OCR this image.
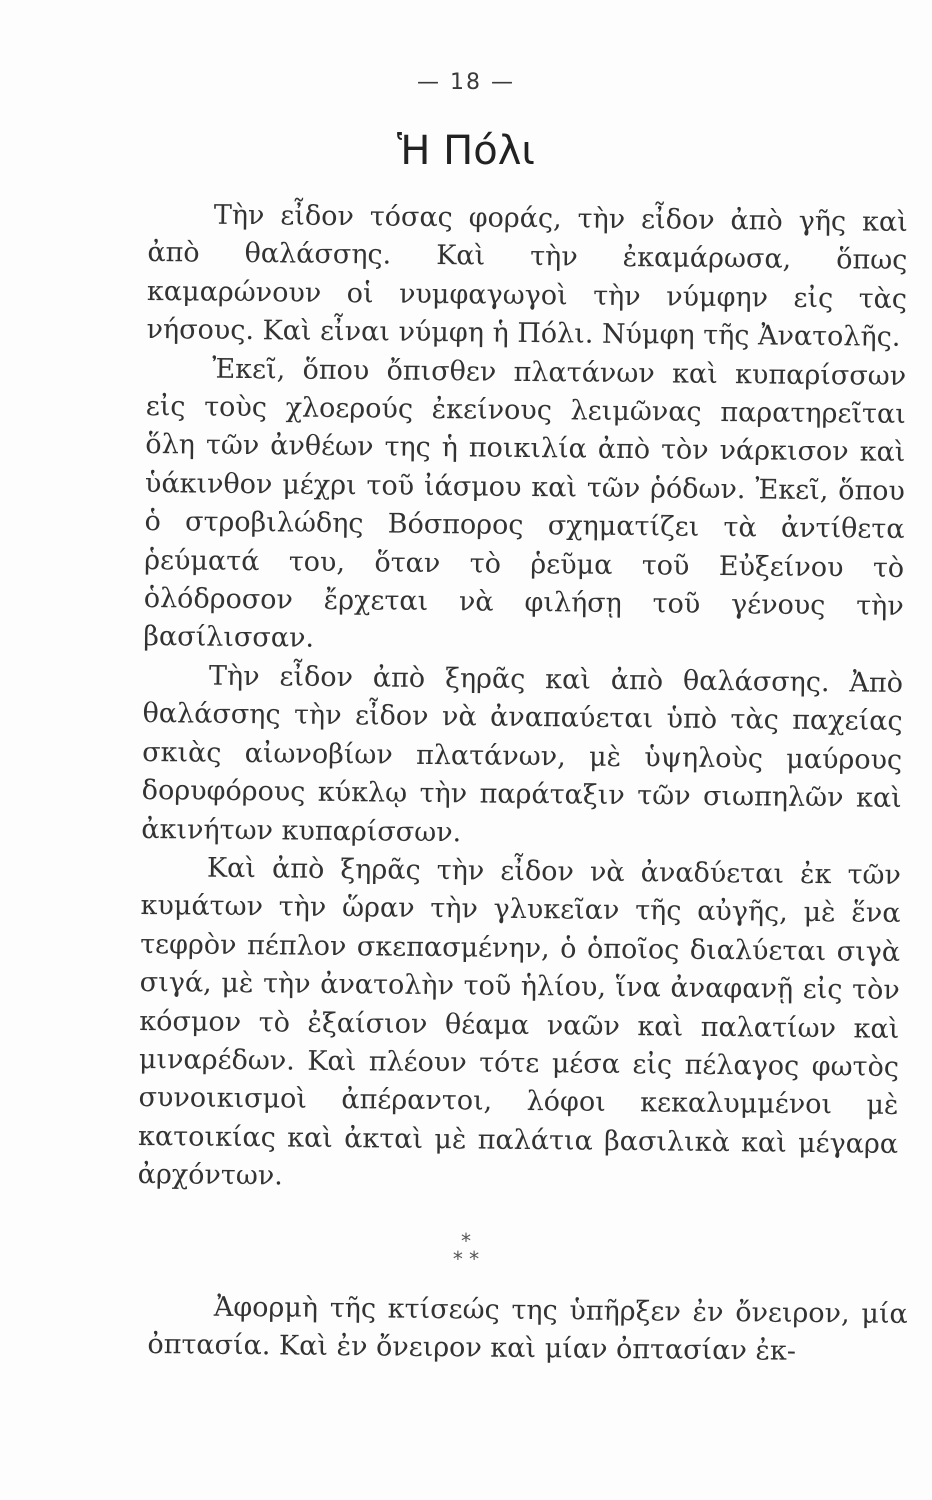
— 18 —
Ἡ Πόλι

Τὴν εἶδον τόσας φοράς, τὴν εἶδον ἀπὸ γῆς καὶ ἀπὸ θαλάσσης. Καὶ τὴν ἐκαμάρωσα, ὅπως καμαρώνουν οἱ νυμφαγωγοὶ τὴν νύμφην εἰς τὰς νήσους. Καὶ εἶναι νύμφη ἡ Πόλι. Νύμφη τῆς Ἀνατολῆς.

Ἐκεῖ, ὅπου ὄπισθεν πλατάνων καὶ κυπαρίσσων εἰς τοὺς χλοερούς ἐκείνους λειμῶνας παρατηρεῖται ὅλη τῶν ἀνθέων της ἡ ποικιλία ἀπὸ τὸν νάρκισον καὶ ὑάκινθον μέχρι τοῦ ἰάσμου καὶ τῶν ῥόδων. Ἐκεῖ, ὅπου ὁ στροβιλώδης Βόσπορος σχηματίζει τὰ ἀντίθετα ῥεύματά του, ὅταν τὸ ῥεῦμα τοῦ Εὐξείνου τὸ ὁλόδροσον ἔρχεται νὰ φιλήσῃ τοῦ γένους τὴν βασίλισσαν.

Τὴν εἶδον ἀπὸ ξηρᾶς καὶ ἀπὸ θαλάσσης. Ἀπὸ θαλάσσης τὴν εἶδον νὰ ἀναπαύεται ὑπὸ τὰς παχείας σκιὰς αἰωνοβίων πλατάνων, μὲ ὑψηλοὺς μαύρους δορυφόρους κύκλῳ τὴν παράταξιν τῶν σιωπηλῶν καὶ ἀκινήτων κυπαρίσσων.

Καὶ ἀπὸ ξηρᾶς τὴν εἶδον νὰ ἀναδύεται ἐκ τῶν κυμάτων τὴν ὥραν τὴν γλυκεῖαν τῆς αὐγῆς, μὲ ἕνα τεφρὸν πέπλον σκεπασμένην, ὁ ὁποῖος διαλύεται σιγὰ σιγά, μὲ τὴν ἀνατολὴν τοῦ ἡλίου, ἵνα ἀναφανῇ εἰς τὸν κόσμον τὸ ἐξαίσιον θέαμα ναῶν καὶ παλατίων καὶ μιναρέδων. Καὶ πλέουν τότε μέσα εἰς πέλαγος φωτὸς συνοικισμοὶ ἀπέραντοι, λόφοι κεκαλυμμένοι μὲ κατοικίας καὶ ἀκταὶ μὲ παλάτια βασιλικὰ καὶ μέγαρα ἀρχόντων.

*
* *

Ἀφορμὴ τῆς κτίσεώς της ὑπῆρξεν ἐν ὄνειρον, μία ὀπτασία. Καὶ ἐν ὄνειρον καὶ μίαν ὀπτασίαν ἐκ-
